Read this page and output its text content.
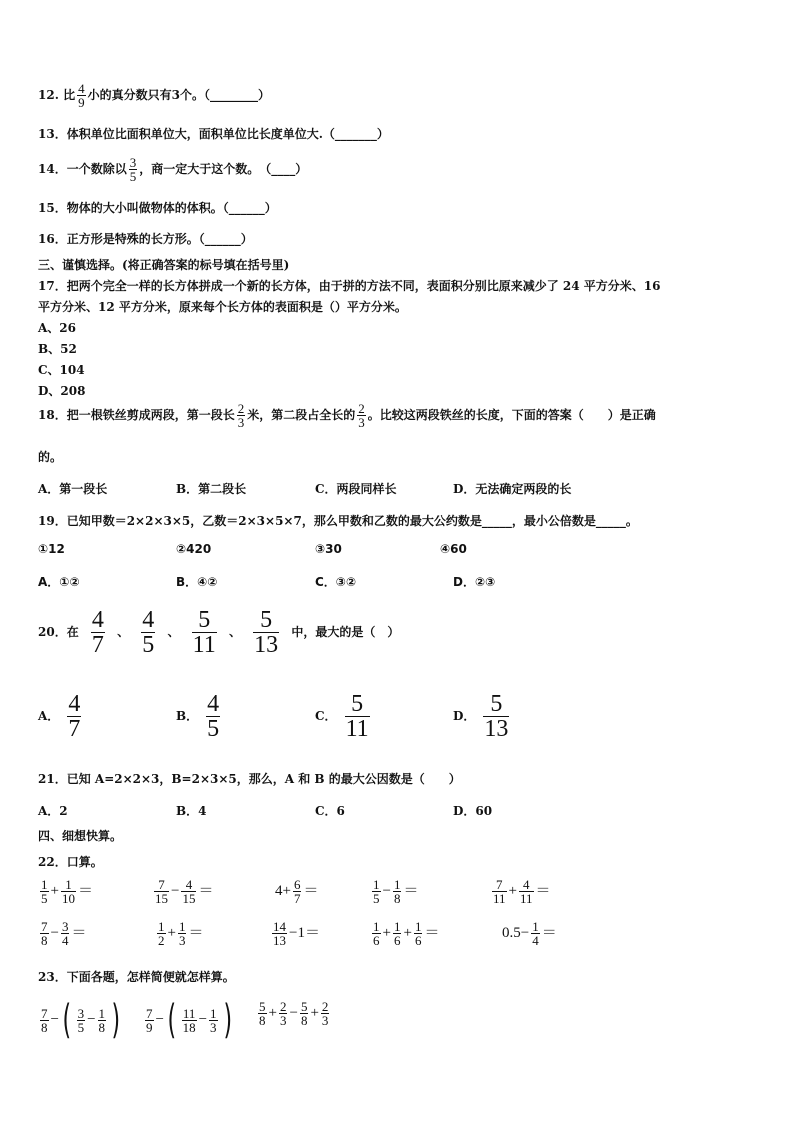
12. 比 $\frac{4}{9}$ 小的真分数只有3个。（________）
13．体积单位比面积单位大，面积单位比长度单位大.（_______）
14．一个数除以 $\frac{3}{5}$ ，商一定大于这个数。　（____）
15．物体的大小叫做物体的体积。（______）
16．正方形是特殊的长方形。（______）
三、谨慎选择。(将正确答案的标号填在括号里)
17．把两个完全一样的长方体拼成一个新的长方体，由于拼的方法不同，表面积分别比原来减少了 24 平方分米、16
平方分米、12 平方分米，原来每个长方体的表面积是（）平方分米。
A、26
B、52
C、104
D、208
18．把一根铁丝剪成两段，第一段长 $\frac{2}{3}$ 米，第二段占全长的 $\frac{2}{3}$ 。比较这两段铁丝的长度，下面的答案（　　）是正确
的。
A．第一段长	B．第二段长	C．两段同样长	D．无法确定两段的长
19．已知甲数＝2×2×3×5，乙数＝2×3×5×7，那么甲数和乙数的最大公约数是_____，最小公倍数是_____。
①12	②420	③30	④60
A．①②	B．④②	C．③②	D．②③
20．在 $\frac{4}{7}$ 、 $\frac{4}{5}$ 、 $\frac{5}{11}$ 、 $\frac{5}{13}$ 中，最大的是（　）
A． $\frac{4}{7}$	B． $\frac{4}{5}$	C． $\frac{5}{11}$	D． $\frac{5}{13}$
21．已知 A=2×2×3，B=2×3×5，那么，A 和 B 的最大公因数是（　　）
A．2	B．4	C．6	D．60
四、细想快算。
22．口算。
$\frac{1}{5} + \frac{1}{10}$ ＝	$\frac{7}{15} - \frac{4}{15}$ ＝	$4+ \frac{6}{7}$ ＝	$\frac{1}{5} - \frac{1}{8}$ ＝	$\frac{7}{11} + \frac{4}{11}$ ＝
$\frac{7}{8} - \frac{3}{4}$ ＝	$\frac{1}{2} + \frac{1}{3}$ ＝	$\frac{14}{13} -1=$	$\frac{1}{6} + \frac{1}{6} + \frac{1}{6}$ ＝	$0.5- \frac{1}{4}$ ＝
23．下面各题，怎样简便就怎样算。
$\frac{7}{8}$ −( $\frac{3}{5} - \frac{1}{8}$ ) $\frac{7}{9}$ −( $\frac{11}{18} - \frac{1}{3}$ ) $\frac{5}{8} + \frac{2}{3} - \frac{5}{8} + \frac{2}{3}$
